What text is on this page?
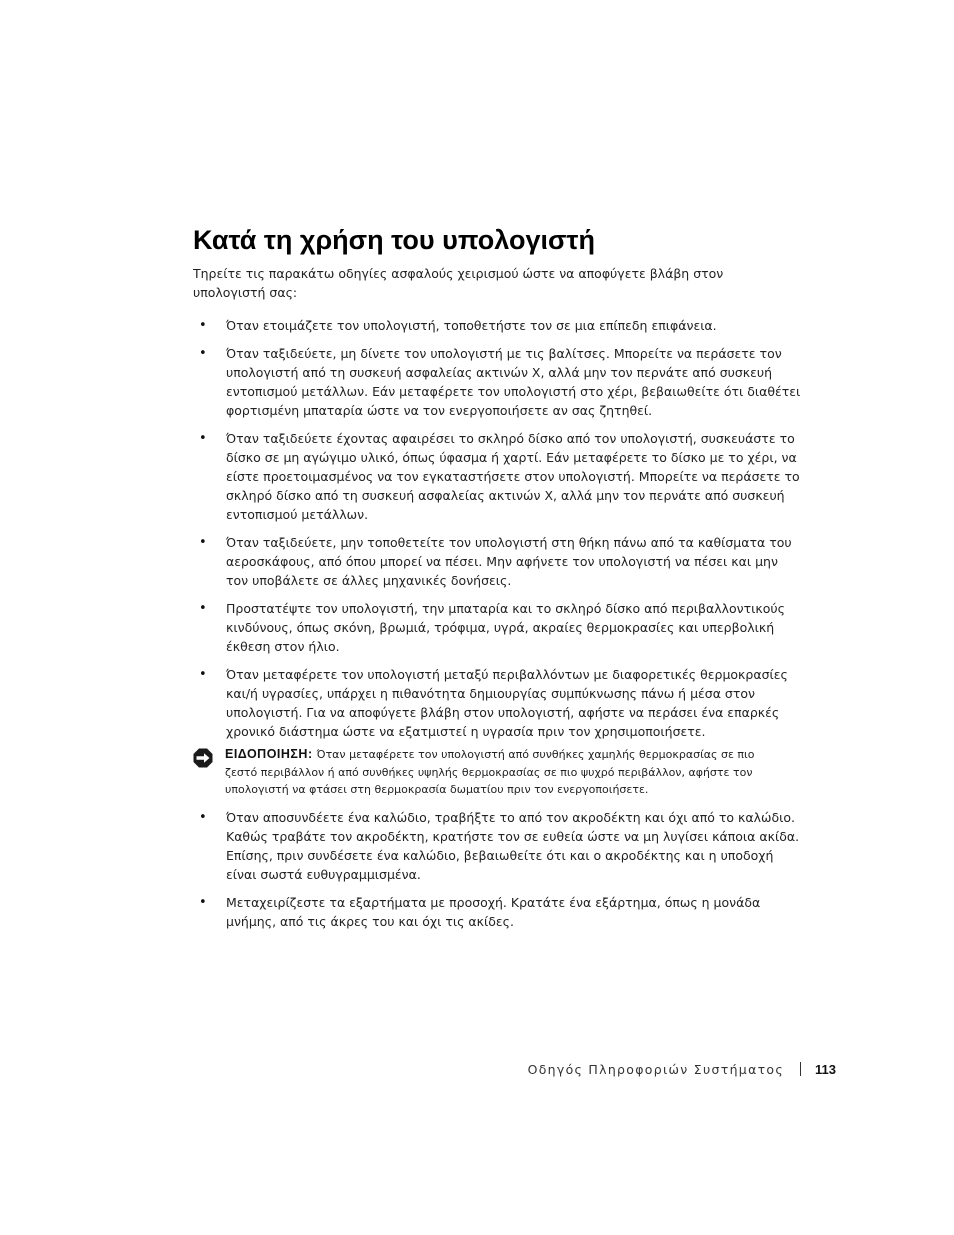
Κατά τη χρήση του υπολογιστή

Τηρείτε τις παρακάτω οδηγίες ασφαλούς χειρισμού ώστε να αποφύγετε βλάβη στον υπολογιστή σας:

• Όταν ετοιμάζετε τον υπολογιστή, τοποθετήστε τον σε μια επίπεδη επιφάνεια.
• Όταν ταξιδεύετε, μη δίνετε τον υπολογιστή με τις βαλίτσες. Μπορείτε να περάσετε τον υπολογιστή από τη συσκευή ασφαλείας ακτινών Χ, αλλά μην τον περνάτε από συσκευή εντοπισμού μετάλλων. Εάν μεταφέρετε τον υπολογιστή στο χέρι, βεβαιωθείτε ότι διαθέτει φορτισμένη μπαταρία ώστε να τον ενεργοποιήσετε αν σας ζητηθεί.
• Όταν ταξιδεύετε έχοντας αφαιρέσει το σκληρό δίσκο από τον υπολογιστή, συσκευάστε το δίσκο σε μη αγώγιμο υλικό, όπως ύφασμα ή χαρτί. Εάν μεταφέρετε το δίσκο με το χέρι, να είστε προετοιμασμένος να τον εγκαταστήσετε στον υπολογιστή. Μπορείτε να περάσετε το σκληρό δίσκο από τη συσκευή ασφαλείας ακτινών Χ, αλλά μην τον περνάτε από συσκευή εντοπισμού μετάλλων.
• Όταν ταξιδεύετε, μην τοποθετείτε τον υπολογιστή στη θήκη πάνω από τα καθίσματα του αεροσκάφους, από όπου μπορεί να πέσει. Μην αφήνετε τον υπολογιστή να πέσει και μην τον υποβάλετε σε άλλες μηχανικές δονήσεις.
• Προστατέψτε τον υπολογιστή, την μπαταρία και το σκληρό δίσκο από περιβαλλοντικούς κινδύνους, όπως σκόνη, βρωμιά, τρόφιμα, υγρά, ακραίες θερμοκρασίες και υπερβολική έκθεση στον ήλιο.
• Όταν μεταφέρετε τον υπολογιστή μεταξύ περιβαλλόντων με διαφορετικές θερμοκρασίες και/ή υγρασίες, υπάρχει η πιθανότητα δημιουργίας συμπύκνωσης πάνω ή μέσα στον υπολογιστή. Για να αποφύγετε βλάβη στον υπολογιστή, αφήστε να περάσει ένα επαρκές χρονικό διάστημα ώστε να εξατμιστεί η υγρασία πριν τον χρησιμοποιήσετε.

ΕΙΔΟΠΟΙΗΣΗ: Όταν μεταφέρετε τον υπολογιστή από συνθήκες χαμηλής θερμοκρασίας σε πιο ζεστό περιβάλλον ή από συνθήκες υψηλής θερμοκρασίας σε πιο ψυχρό περιβάλλον, αφήστε τον υπολογιστή να φτάσει στη θερμοκρασία δωματίου πριν τον ενεργοποιήσετε.

• Όταν αποσυνδέετε ένα καλώδιο, τραβήξτε το από τον ακροδέκτη και όχι από το καλώδιο. Καθώς τραβάτε τον ακροδέκτη, κρατήστε τον σε ευθεία ώστε να μη λυγίσει κάποια ακίδα. Επίσης, πριν συνδέσετε ένα καλώδιο, βεβαιωθείτε ότι και ο ακροδέκτης και η υποδοχή είναι σωστά ευθυγραμμισμένα.
• Μεταχειρίζεστε τα εξαρτήματα με προσοχή. Κρατάτε ένα εξάρτημα, όπως η μονάδα μνήμης, από τις άκρες του και όχι τις ακίδες.
Οδηγός Πληροφοριών Συστήματος 113
